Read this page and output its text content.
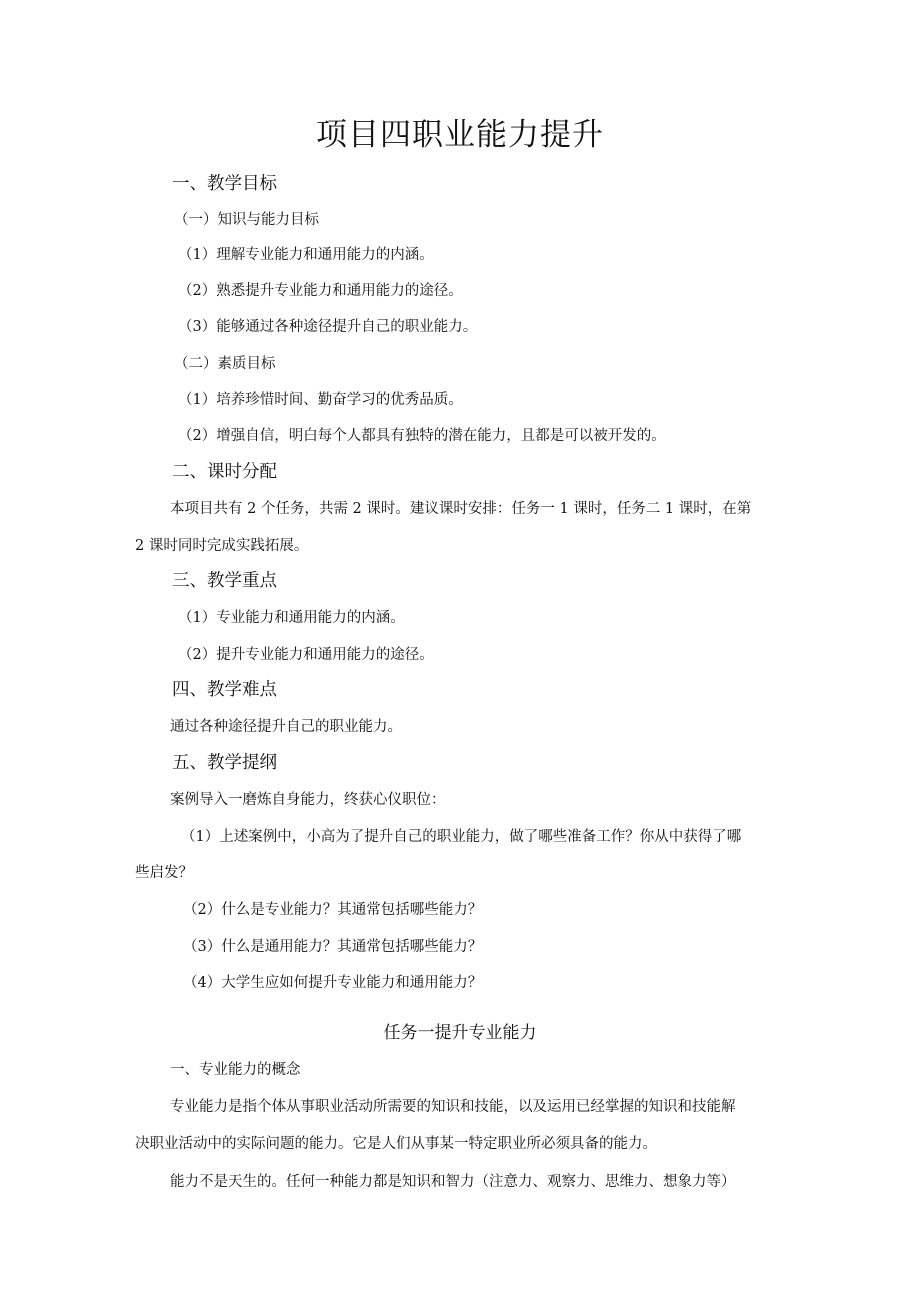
项目四职业能力提升
一、教学目标
（一）知识与能力目标
（1）理解专业能力和通用能力的内涵。
（2）熟悉提升专业能力和通用能力的途径。
（3）能够通过各种途径提升自己的职业能力。
（二）素质目标
（1）培养珍惜时间、勤奋学习的优秀品质。
（2）增强自信，明白每个人都具有独特的潜在能力，且都是可以被开发的。
二、课时分配
本项目共有 2 个任务，共需 2 课时。建议课时安排：任务一 1 课时，任务二 1 课时，在第
2 课时同时完成实践拓展。
三、教学重点
（1）专业能力和通用能力的内涵。
（2）提升专业能力和通用能力的途径。
四、教学难点
通过各种途径提升自己的职业能力。
五、教学提纲
案例导入一磨炼自身能力，终获心仪职位：
（1）上述案例中，小高为了提升自己的职业能力，做了哪些准备工作？你从中获得了哪
些启发？
（2）什么是专业能力？其通常包括哪些能力？
（3）什么是通用能力？其通常包括哪些能力？
（4）大学生应如何提升专业能力和通用能力？
任务一提升专业能力
一、专业能力的概念
专业能力是指个体从事职业活动所需要的知识和技能，以及运用已经掌握的知识和技能解
决职业活动中的实际问题的能力。它是人们从事某一特定职业所必须具备的能力。
能力不是天生的。任何一种能力都是知识和智力（注意力、观察力、思维力、想象力等）
